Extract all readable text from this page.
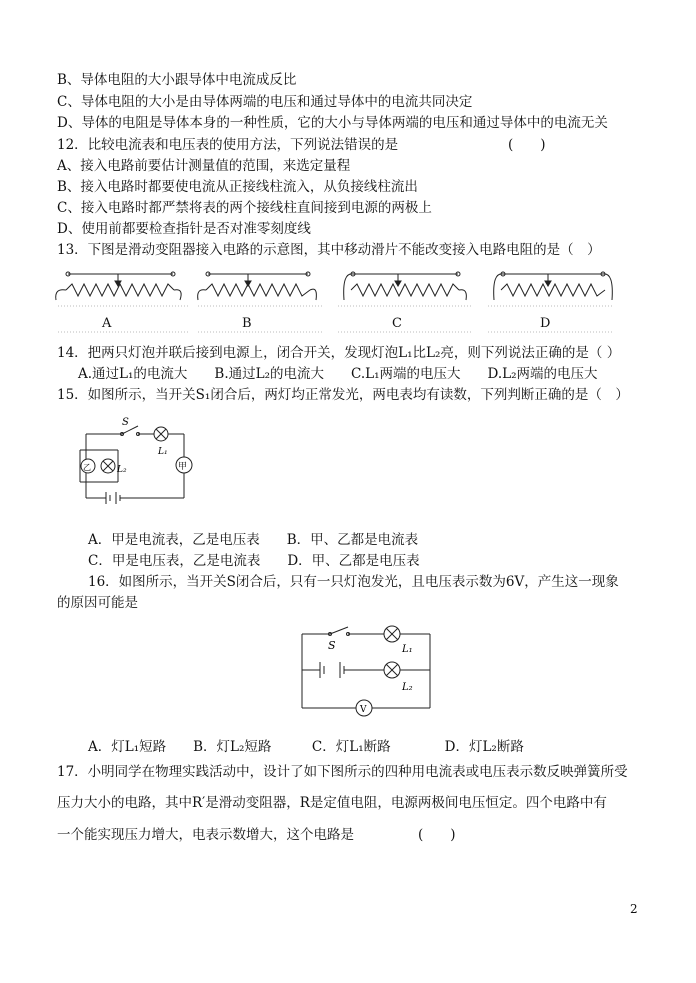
B、导体电阻的大小跟导体中电流成反比
C、导体电阻的大小是由导体两端的电压和通过导体中的电流共同决定
D、导体的电阻是导体本身的一种性质，它的大小与导体两端的电压和通过导体中的电流无关
12．比较电流表和电压表的使用方法，下列说法错误的是	(　　)
A、接入电路前要估计测量值的范围，来选定量程
B、接入电路时都要使电流从正接线柱流入，从负接线柱流出
C、接入电路时都严禁将表的两个接线柱直间接到电源的两极上
D、使用前都要检查指针是否对准零刻度线
13．下图是滑动变阻器接入电路的示意图，其中移动滑片不能改变接入电路电阻的是（　）
A	B	C	D
14．把两只灯泡并联后接到电源上，闭合开关，发现灯泡L₁比L₂亮，则下列说法正确的是（ ）
A.通过L₁的电流大　　B.通过L₂的电流大　　C.L₁两端的电压大　　D.L₂两端的电压大
15．如图所示，当开关S₁闭合后，两灯均正常发光，两电表均有读数，下列判断正确的是（　）
S
L₁
L₂	甲
乙
A．甲是电流表，乙是电压表　　B．甲、乙都是电流表
C．甲是电压表，乙是电流表　　D．甲、乙都是电压表
16．如图所示，当开关S闭合后，只有一只灯泡发光，且电压表示数为6V，产生这一现象
的原因可能是
S	L₁
L₂
V
A．灯L₁短路　　B．灯L₂短路　　　C．灯L₁断路　　　　D．灯L₂断路
17．小明同学在物理实践活动中，设计了如下图所示的四种用电流表或电压表示数反映弹簧所受
压力大小的电路，其中R′是滑动变阻器，R是定值电阻，电源两极间电压恒定。四个电路中有
一个能实现压力增大，电表示数增大，这个电路是	(　　)
2
